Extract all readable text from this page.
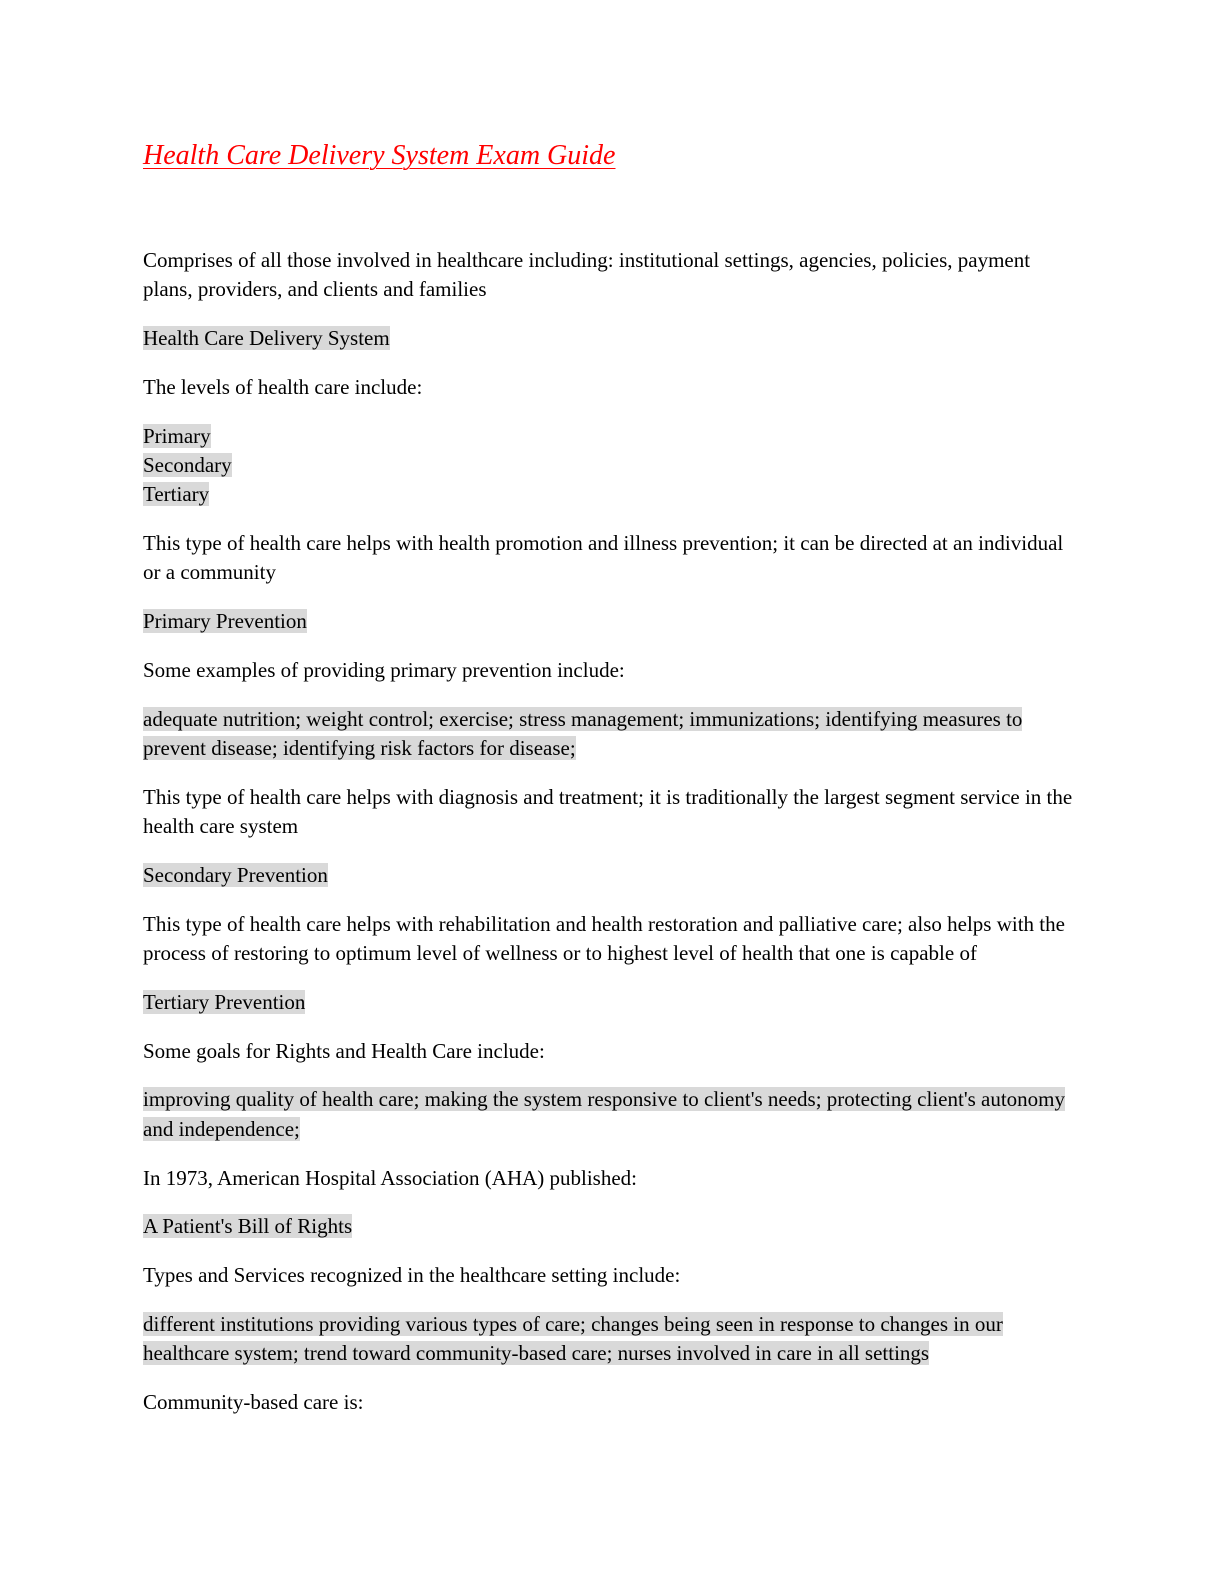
Health Care Delivery System Exam Guide

Comprises of all those involved in healthcare including: institutional settings, agencies, policies, payment plans, providers, and clients and families

Health Care Delivery System

The levels of health care include:

Primary
Secondary
Tertiary

This type of health care helps with health promotion and illness prevention; it can be directed at an individual or a community

Primary Prevention

Some examples of providing primary prevention include:

adequate nutrition; weight control; exercise; stress management; immunizations; identifying measures to prevent disease; identifying risk factors for disease;

This type of health care helps with diagnosis and treatment; it is traditionally the largest segment service in the health care system

Secondary Prevention

This type of health care helps with rehabilitation and health restoration and palliative care; also helps with the process of restoring to optimum level of wellness or to highest level of health that one is capable of

Tertiary Prevention

Some goals for Rights and Health Care include:

improving quality of health care; making the system responsive to client's needs; protecting client's autonomy and independence;

In 1973, American Hospital Association (AHA) published:

A Patient's Bill of Rights

Types and Services recognized in the healthcare setting include:

different institutions providing various types of care; changes being seen in response to changes in our healthcare system; trend toward community-based care; nurses involved in care in all settings

Community-based care is:
